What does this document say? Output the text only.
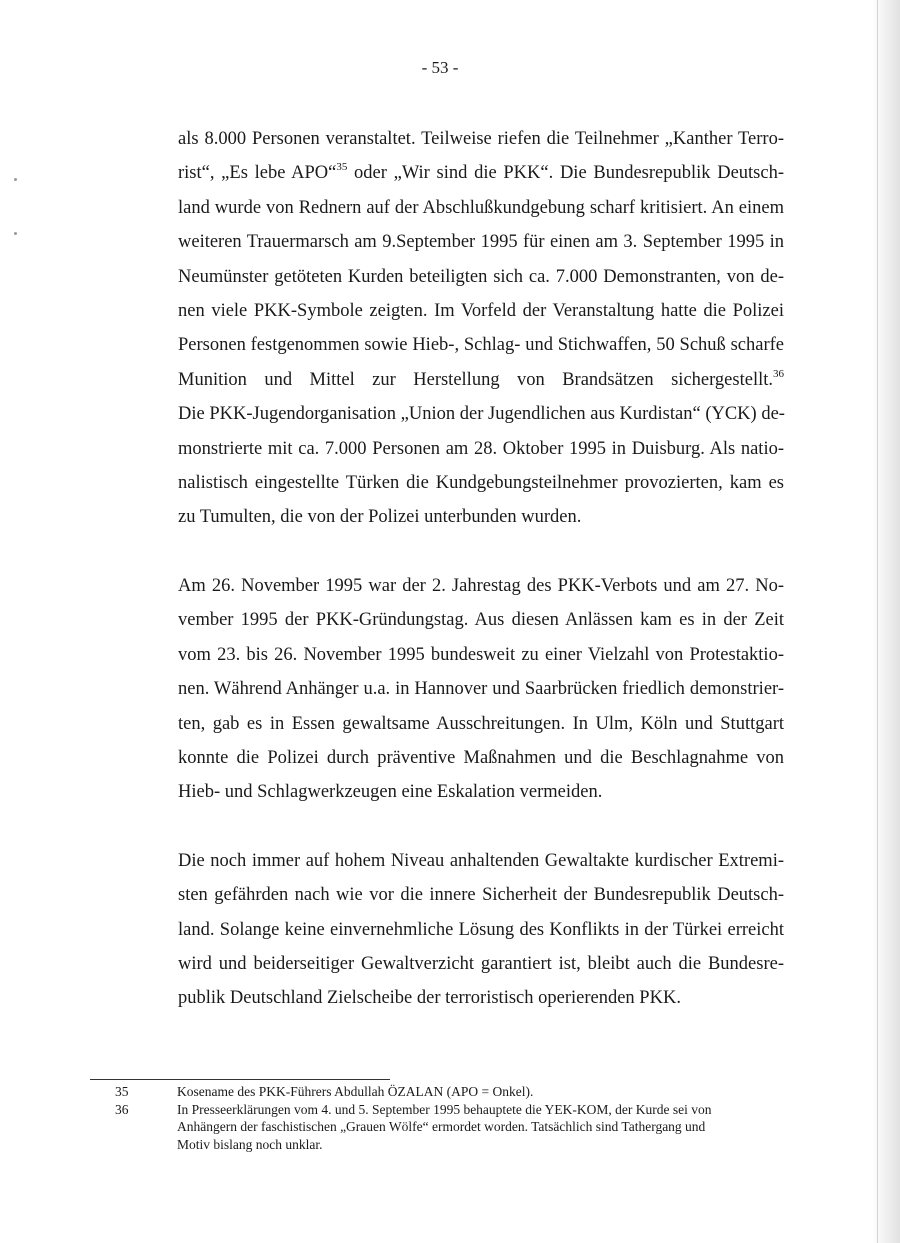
- 53 -

als 8.000 Personen veranstaltet. Teilweise riefen die Teilnehmer „Kanther Terro-
rist“, „Es lebe APO“$^{35}$ oder „Wir sind die PKK“. Die Bundesrepublik Deutsch-
land wurde von Rednern auf der Abschlußkundgebung scharf kritisiert. An einem
weiteren Trauermarsch am 9.September 1995 für einen am 3. September 1995 in
Neumünster getöteten Kurden beteiligten sich ca. 7.000 Demonstranten, von de-
nen viele PKK-Symbole zeigten. Im Vorfeld der Veranstaltung hatte die Polizei
Personen festgenommen sowie Hieb-, Schlag- und Stichwaffen, 50 Schuß scharfe
Munition und Mittel zur Herstellung von Brandsätzen sichergestellt.$^{36}$
Die PKK-Jugendorganisation „Union der Jugendlichen aus Kurdistan“ (YCK) de-
monstrierte mit ca. 7.000 Personen am 28. Oktober 1995 in Duisburg. Als natio-
nalistisch eingestellte Türken die Kundgebungsteilnehmer provozierten, kam es
zu Tumulten, die von der Polizei unterbunden wurden.

Am 26. November 1995 war der 2. Jahrestag des PKK-Verbots und am 27. No-
vember 1995 der PKK-Gründungstag. Aus diesen Anlässen kam es in der Zeit
vom 23. bis 26. November 1995 bundesweit zu einer Vielzahl von Protestaktio-
nen. Während Anhänger u.a. in Hannover und Saarbrücken friedlich demonstrier-
ten, gab es in Essen gewaltsame Ausschreitungen. In Ulm, Köln und Stuttgart
konnte die Polizei durch präventive Maßnahmen und die Beschlagnahme von
Hieb- und Schlagwerkzeugen eine Eskalation vermeiden.

Die noch immer auf hohem Niveau anhaltenden Gewaltakte kurdischer Extremi-
sten gefährden nach wie vor die innere Sicherheit der Bundesrepublik Deutsch-
land. Solange keine einvernehmliche Lösung des Konflikts in der Türkei erreicht
wird und beiderseitiger Gewaltverzicht garantiert ist, bleibt auch die Bundesre-
publik Deutschland Zielscheibe der terroristisch operierenden PKK.

35	Kosename des PKK-Führers Abdullah ÖZALAN (APO = Onkel).
36	In Presseerklärungen vom 4. und 5. September 1995 behauptete die YEK-KOM, der Kurde sei von
Anhängern der faschistischen „Grauen Wölfe“ ermordet worden. Tatsächlich sind Tathergang und
Motiv bislang noch unklar.
